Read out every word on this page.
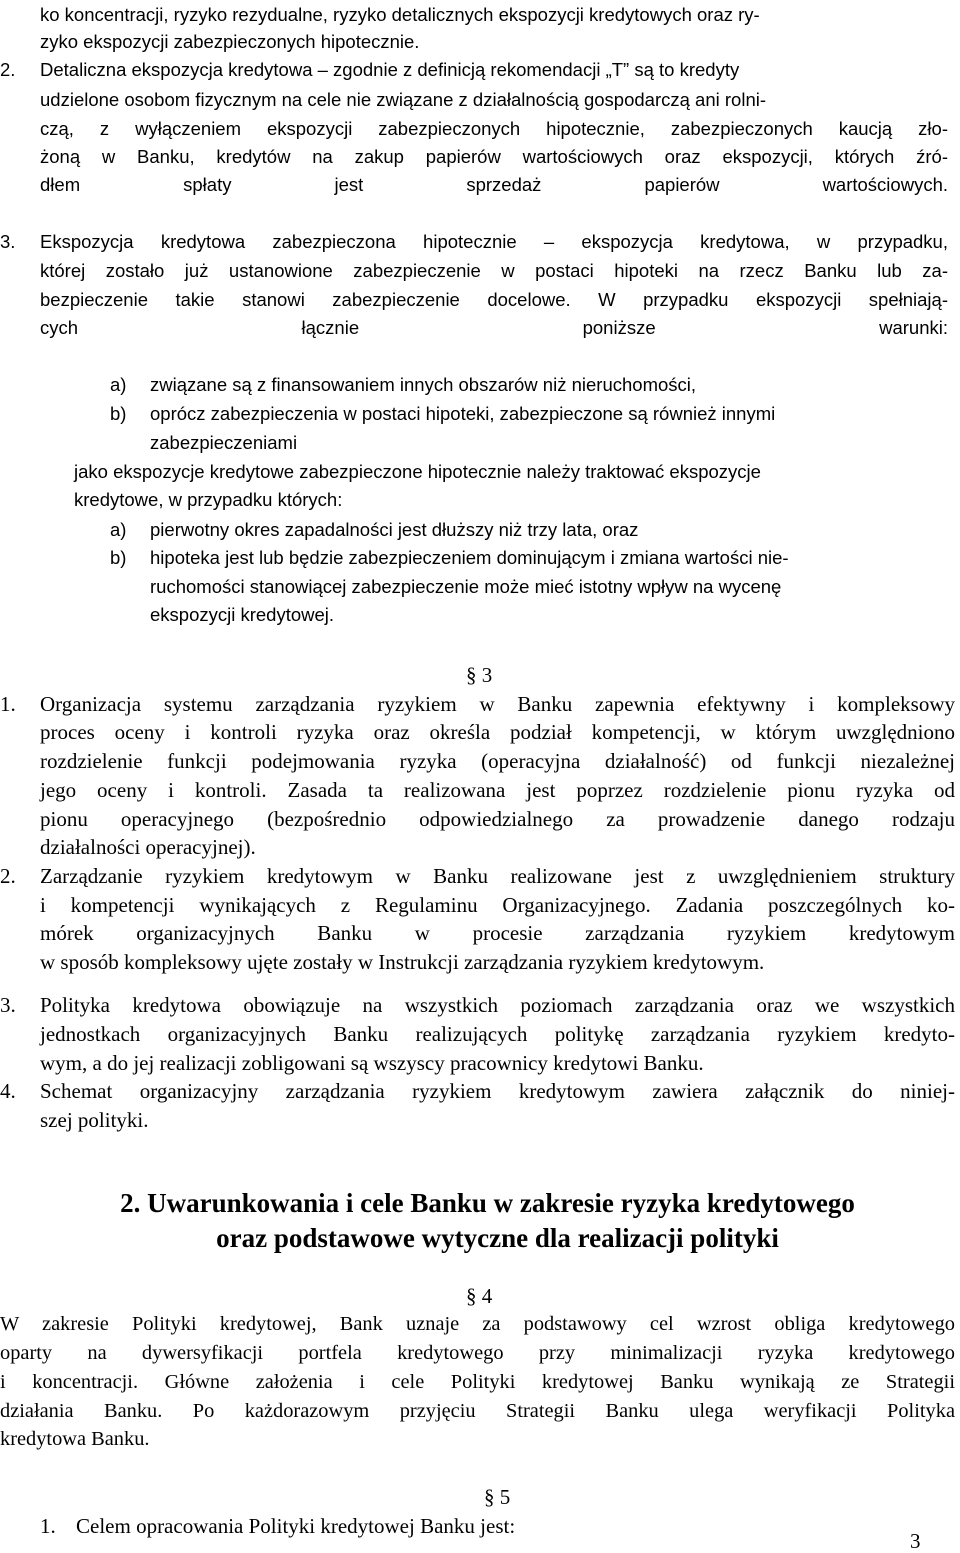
ko koncentracji, ryzyko rezydualne, ryzyko detalicznych ekspozycji kredytowych oraz ry-
zyko ekspozycji zabezpieczonych hipotecznie.
2. Detaliczna ekspozycja kredytowa – zgodnie z definicją rekomendacji „T” są to kredyty
udzielone osobom fizycznym na cele nie związane z działalnością gospodarczą ani rolni-
czą, z wyłączeniem ekspozycji zabezpieczonych hipotecznie, zabezpieczonych kaucją zło-
żoną w Banku, kredytów na zakup papierów wartościowych oraz ekspozycji, których źró-
dłem spłaty jest sprzedaż papierów wartościowych.
3. Ekspozycja kredytowa zabezpieczona hipotecznie – ekspozycja kredytowa, w przypadku,
której zostało już ustanowione zabezpieczenie w postaci hipoteki na rzecz Banku lub za-
bezpieczenie takie stanowi zabezpieczenie docelowe. W przypadku ekspozycji spełniają-
cych łącznie poniższe warunki:
a) związane są z finansowaniem innych obszarów niż nieruchomości,
b) oprócz zabezpieczenia w postaci hipoteki, zabezpieczone są również innymi
zabezpieczeniami
jako ekspozycje kredytowe zabezpieczone hipotecznie należy traktować ekspozycje
kredytowe, w przypadku których:
a) pierwotny okres zapadalności jest dłuższy niż trzy lata, oraz
b) hipoteka jest lub będzie zabezpieczeniem dominującym i zmiana wartości nie-
ruchomości stanowiącej zabezpieczenie może mieć istotny wpływ na wycenę
ekspozycji kredytowej.
§ 3
1. Organizacja systemu zarządzania ryzykiem w Banku zapewnia efektywny i kompleksowy
proces oceny i kontroli ryzyka oraz określa podział kompetencji, w którym uwzględniono
rozdzielenie funkcji podejmowania ryzyka (operacyjna działalność) od funkcji niezależnej
jego oceny i kontroli. Zasada ta realizowana jest poprzez rozdzielenie pionu ryzyka od
pionu operacyjnego (bezpośrednio odpowiedzialnego za prowadzenie danego rodzaju
działalności operacyjnej).
2. Zarządzanie ryzykiem kredytowym w Banku realizowane jest z uwzględnieniem struktury
i kompetencji wynikających z Regulaminu Organizacyjnego. Zadania poszczególnych ko-
mórek organizacyjnych Banku w procesie zarządzania ryzykiem kredytowym
w sposób kompleksowy ujęte zostały w Instrukcji zarządzania ryzykiem kredytowym.
3. Polityka kredytowa obowiązuje na wszystkich poziomach zarządzania oraz we wszystkich
jednostkach organizacyjnych Banku realizujących politykę zarządzania ryzykiem kredyto-
wym, a do jej realizacji zobligowani są wszyscy pracownicy kredytowi Banku.
4. Schemat organizacyjny zarządzania ryzykiem kredytowym zawiera załącznik do niniej-
szej polityki.
2. Uwarunkowania i cele Banku w zakresie ryzyka kredytowego
oraz podstawowe wytyczne dla realizacji polityki
§ 4
W zakresie Polityki kredytowej, Bank uznaje za podstawowy cel wzrost obliga kredytowego
oparty na dywersyfikacji portfela kredytowego przy minimalizacji ryzyka kredytowego
i koncentracji. Główne założenia i cele Polityki kredytowej Banku wynikają ze Strategii
działania Banku. Po każdorazowym przyjęciu Strategii Banku ulega weryfikacji Polityka
kredytowa Banku.
§ 5
1. Celem opracowania Polityki kredytowej Banku jest:
3
